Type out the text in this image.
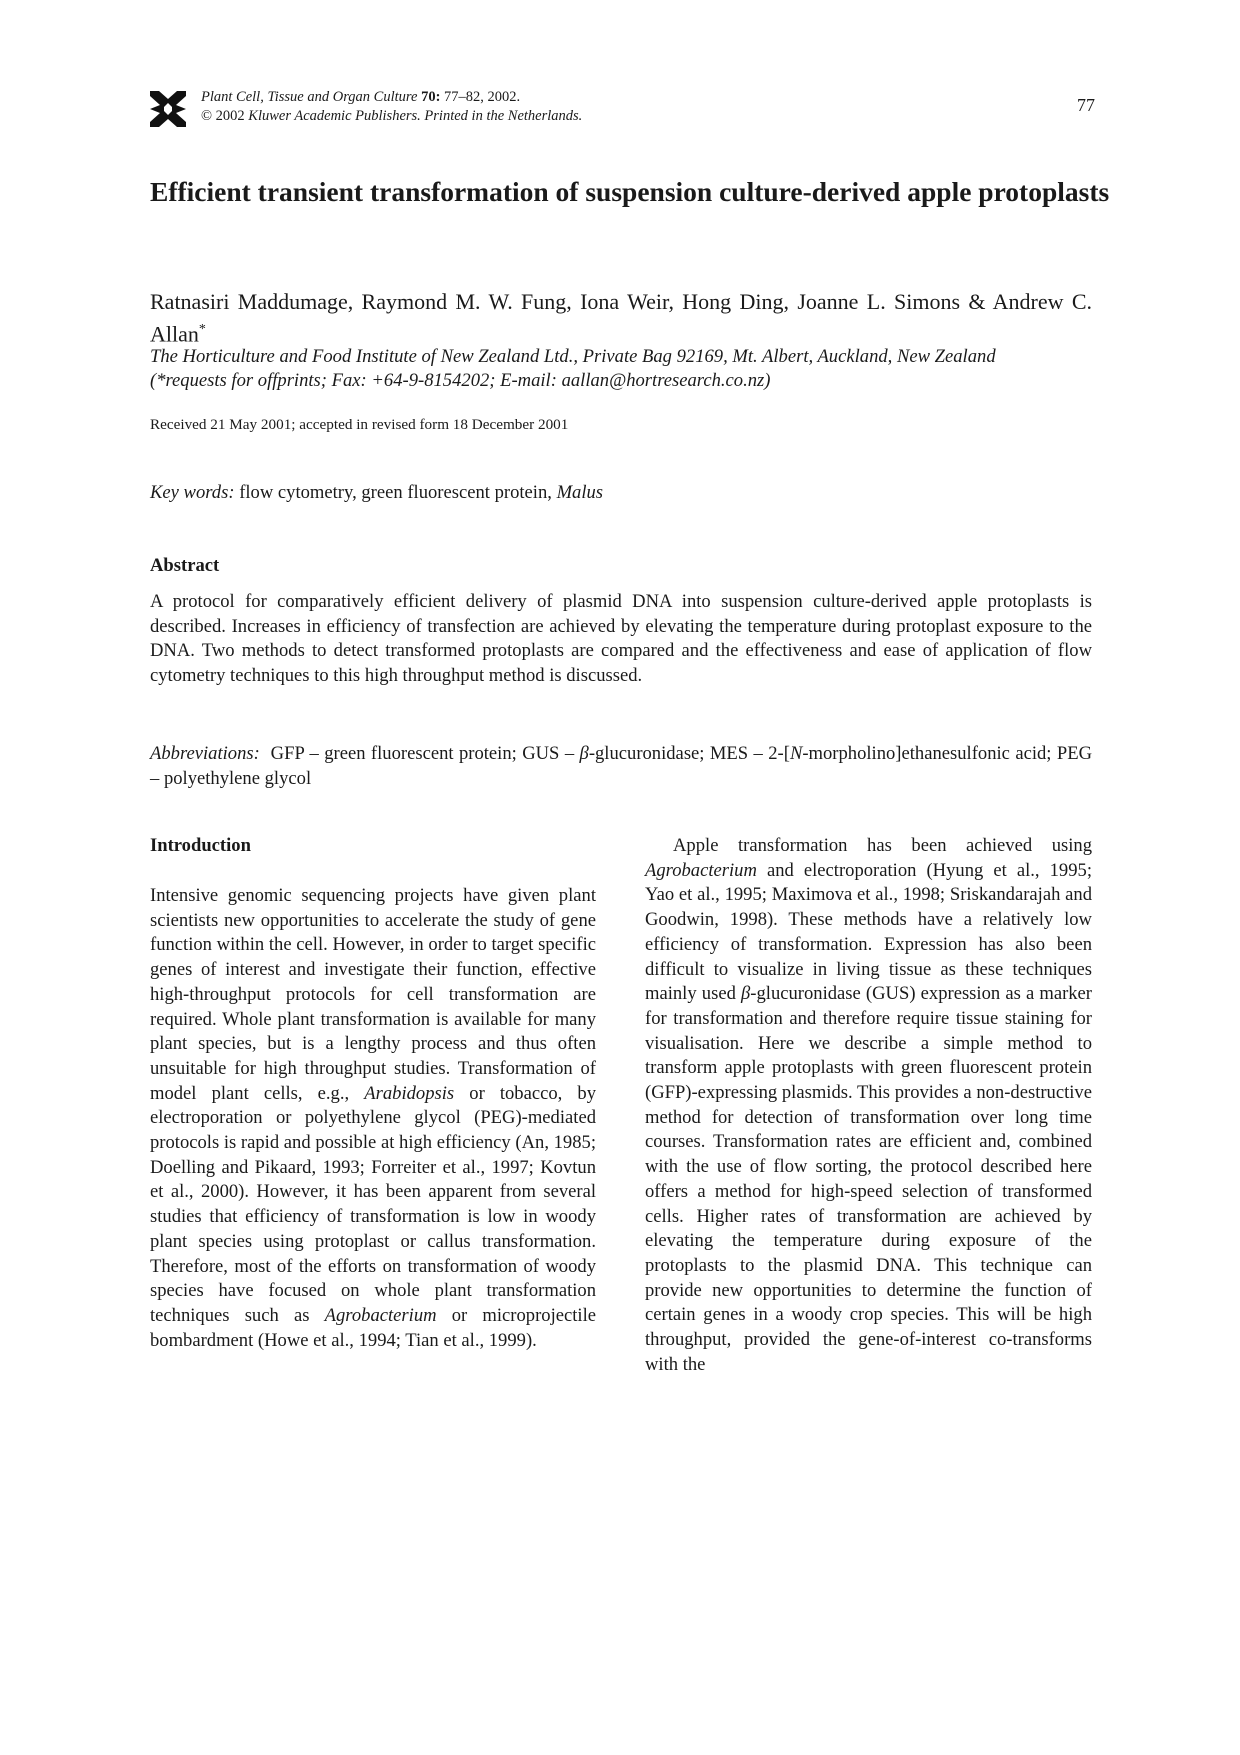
Plant Cell, Tissue and Organ Culture 70: 77–82, 2002.
© 2002 Kluwer Academic Publishers. Printed in the Netherlands.
77
Efficient transient transformation of suspension culture-derived apple protoplasts
Ratnasiri Maddumage, Raymond M. W. Fung, Iona Weir, Hong Ding, Joanne L. Simons & Andrew C. Allan*
The Horticulture and Food Institute of New Zealand Ltd., Private Bag 92169, Mt. Albert, Auckland, New Zealand
(*requests for offprints; Fax: +64-9-8154202; E-mail: aallan@hortresearch.co.nz)
Received 21 May 2001; accepted in revised form 18 December 2001
Key words: flow cytometry, green fluorescent protein, Malus
Abstract
A protocol for comparatively efficient delivery of plasmid DNA into suspension culture-derived apple protoplasts is described. Increases in efficiency of transfection are achieved by elevating the temperature during protoplast exposure to the DNA. Two methods to detect transformed protoplasts are compared and the effectiveness and ease of application of flow cytometry techniques to this high throughput method is discussed.
Abbreviations: GFP – green fluorescent protein; GUS – β-glucuronidase; MES – 2-[N-morpholino]ethanesulfonic acid; PEG – polyethylene glycol
Introduction
Intensive genomic sequencing projects have given plant scientists new opportunities to accelerate the study of gene function within the cell. However, in order to target specific genes of interest and investigate their function, effective high-throughput protocols for cell transformation are required. Whole plant transformation is available for many plant species, but is a lengthy process and thus often unsuitable for high throughput studies. Transformation of model plant cells, e.g., Arabidopsis or tobacco, by electroporation or polyethylene glycol (PEG)-mediated protocols is rapid and possible at high efficiency (An, 1985; Doelling and Pikaard, 1993; Forreiter et al., 1997; Kovtun et al., 2000). However, it has been apparent from several studies that efficiency of transformation is low in woody plant species using protoplast or callus transformation. Therefore, most of the efforts on transformation of woody species have focused on whole plant transformation techniques such as Agrobacterium or microprojectile bombardment (Howe et al., 1994; Tian et al., 1999).
Apple transformation has been achieved using Agrobacterium and electroporation (Hyung et al., 1995; Yao et al., 1995; Maximova et al., 1998; Sriskandarajah and Goodwin, 1998). These methods have a relatively low efficiency of transformation. Expression has also been difficult to visualize in living tissue as these techniques mainly used β-glucuronidase (GUS) expression as a marker for transformation and therefore require tissue staining for visualisation. Here we describe a simple method to transform apple protoplasts with green fluorescent protein (GFP)-expressing plasmids. This provides a non-destructive method for detection of transformation over long time courses. Transformation rates are efficient and, combined with the use of flow sorting, the protocol described here offers a method for high-speed selection of transformed cells. Higher rates of transformation are achieved by elevating the temperature during exposure of the protoplasts to the plasmid DNA. This technique can provide new opportunities to determine the function of certain genes in a woody crop species. This will be high throughput, provided the gene-of-interest co-transforms with the
